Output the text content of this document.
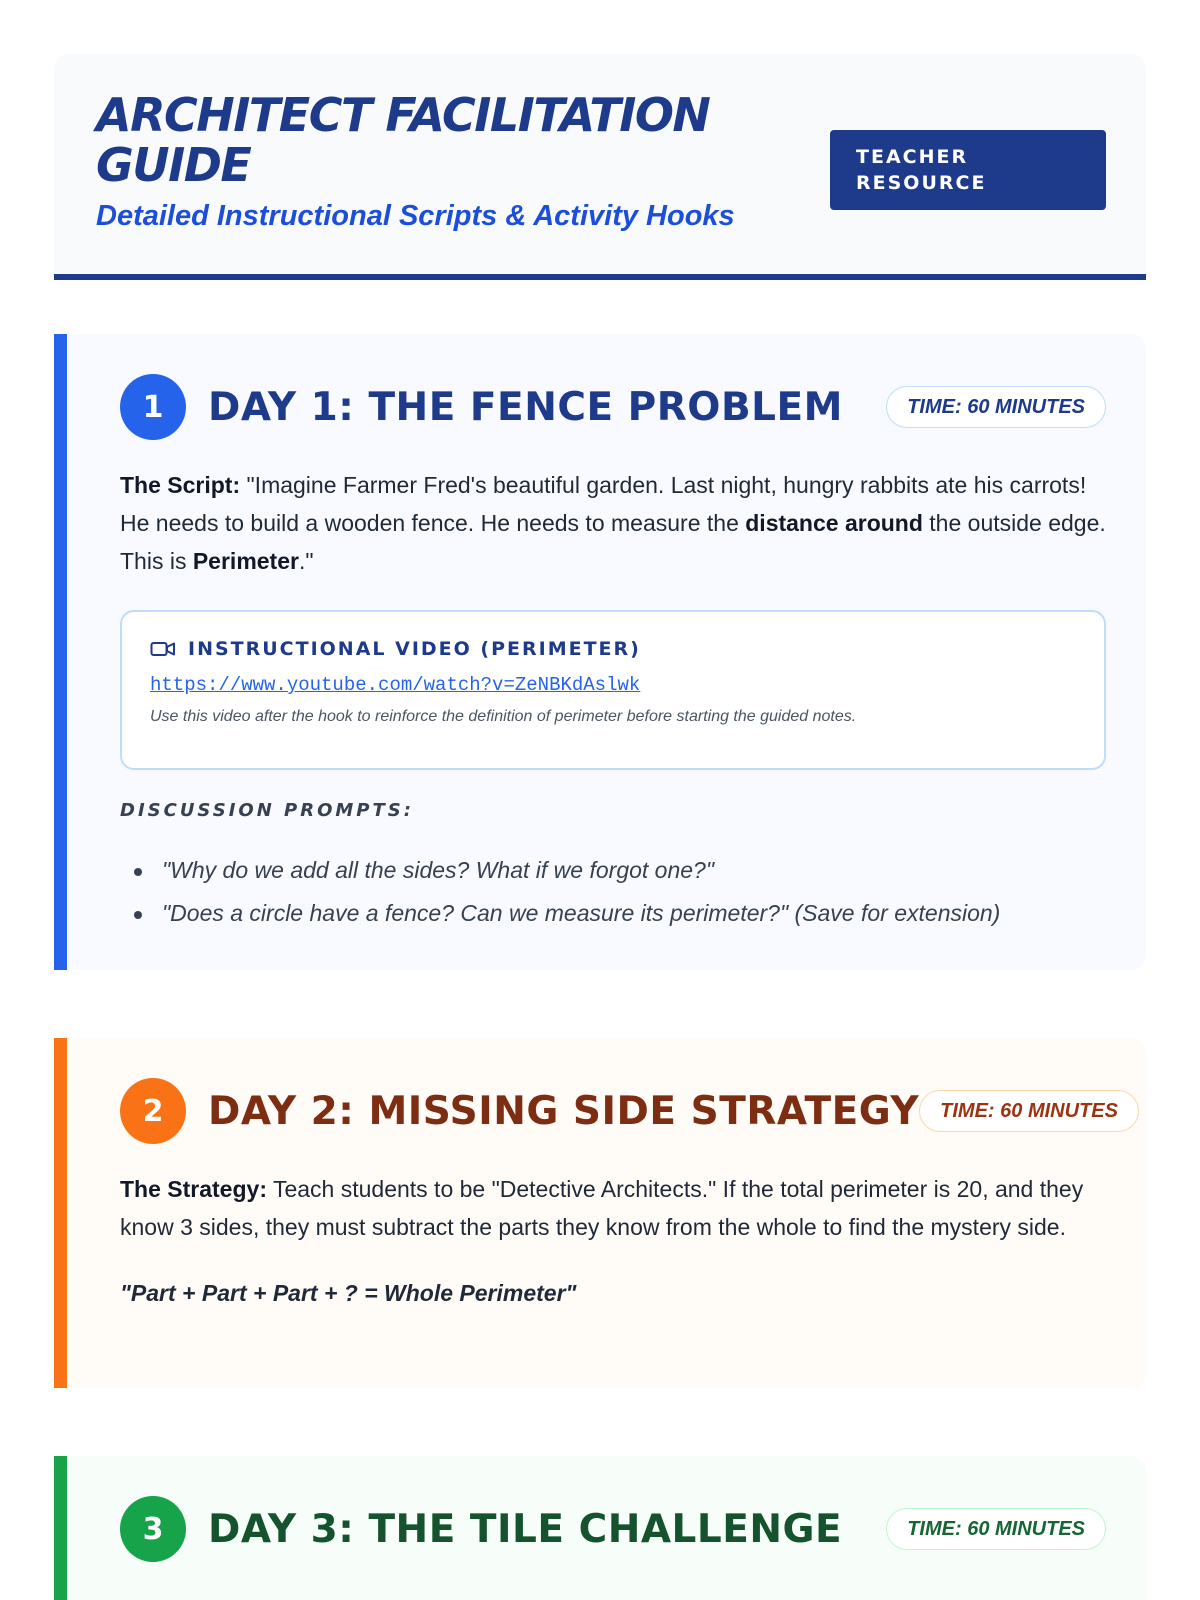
ARCHITECT FACILITATION GUIDE
Detailed Instructional Scripts & Activity Hooks
TEACHER RESOURCE
1	DAY 1: THE FENCE PROBLEM	TIME: 60 MINUTES

The Script: "Imagine Farmer Fred's beautiful garden. Last night, hungry rabbits ate his carrots! He needs to build a wooden fence. He needs to measure the distance around the outside edge. This is Perimeter."

INSTRUCTIONAL VIDEO (PERIMETER)
https://www.youtube.com/watch?v=ZeNBKdAslwk
Use this video after the hook to reinforce the definition of perimeter before starting the guided notes.
DISCUSSION PROMPTS:
"Why do we add all the sides? What if we forgot one?"
"Does a circle have a fence? Can we measure its perimeter?" (Save for extension)
2	DAY 2: MISSING SIDE STRATEGY	TIME: 60 MINUTES

The Strategy: Teach students to be "Detective Architects." If the total perimeter is 20, and they know 3 sides, they must subtract the parts they know from the whole to find the mystery side.

"Part + Part + Part + ? = Whole Perimeter"
3	DAY 3: THE TILE CHALLENGE	TIME: 60 MINUTES
